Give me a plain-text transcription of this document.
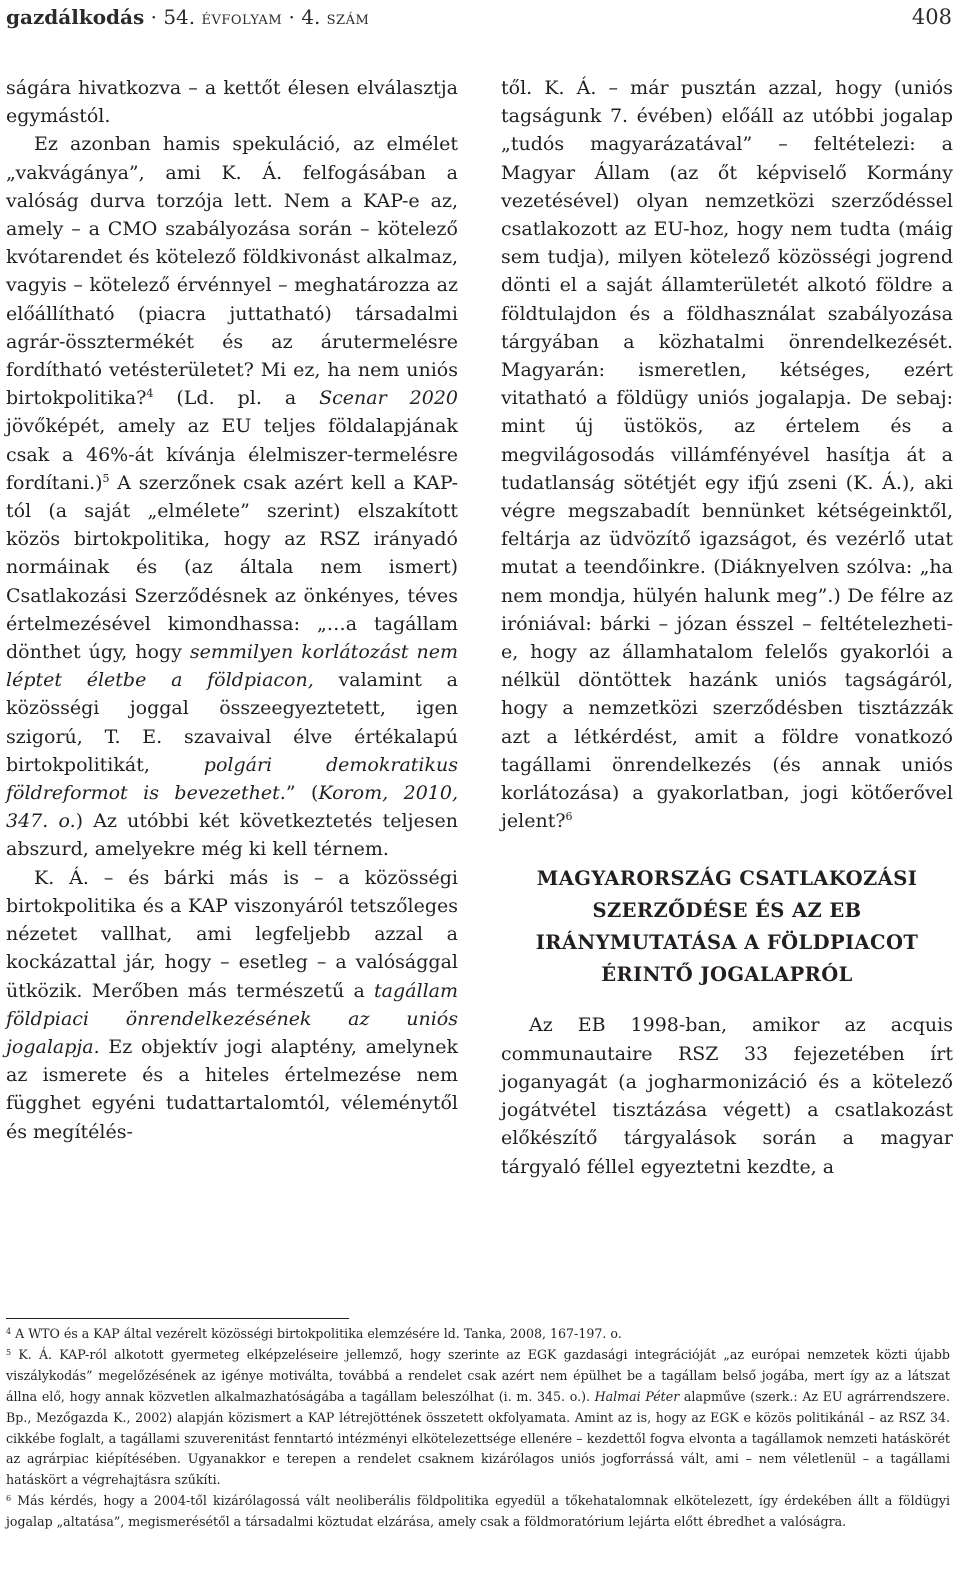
gazdálkodás · 54. ÉVFOLYAM · 4. SZÁM	408

ságára hivatkozva – a kettőt élesen elválasztja egymástól.

Ez azonban hamis spekuláció, az elmélet „vakvágánya”, ami K. Á. felfogásában a valóság durva torzója lett. Nem a KAP-e az, amely – a CMO szabályozása során – kötelező kvótarendet és kötelező földkivonást alkalmaz, vagyis – kötelező érvénnyel – meghatározza az előállítható (piacra juttatható) társadalmi agrár-össztermékét és az árutermelésre fordítható vetésterületet? Mi ez, ha nem uniós birtokpolitika?$^4$ (Ld. pl. a Scenar 2020 jövőképét, amely az EU teljes földalapjának csak a 46%-át kívánja élelmiszer-termelésre fordítani.)$^5$ A szerzőnek csak azért kell a KAP-tól (a saját „elmélete” szerint) elszakított közös birtokpolitika, hogy az RSZ irányadó normáinak és (az általa nem ismert) Csatlakozási Szerződésnek az önkényes, téves értelmezésével kimondhassa: „…a tagállam dönthet úgy, hogy semmilyen korlátozást nem léptet életbe a földpiacon, valamint a közösségi joggal összeegyeztetett, igen szigorú, T. E. szavaival élve értékalapú birtokpolitikát, polgári demokratikus földreformot is bevezethet.” (Korom, 2010, 347. o.) Az utóbbi két következtetés teljesen abszurd, amelyekre még ki kell térnem.

K. Á. – és bárki más is – a közösségi birtokpolitika és a KAP viszonyáról tetszőleges nézetet vallhat, ami legfeljebb azzal a kockázattal jár, hogy – esetleg – a valósággal ütközik. Merőben más természetű a tagállam földpiaci önrendelkezésének az uniós jogalapja. Ez objektív jogi alaptény, amelynek az ismerete és a hiteles értelmezése nem függhet egyéni tudattartalomtól, véleménytől és megítélés-

től. K. Á. – már pusztán azzal, hogy (uniós tagságunk 7. évében) előáll az utóbbi jogalap „tudós magyarázatával” – feltételezi: a Magyar Állam (az őt képviselő Kormány vezetésével) olyan nemzetközi szerződéssel csatlakozott az EU-hoz, hogy nem tudta (máig sem tudja), milyen kötelező közösségi jogrend dönti el a saját államterületét alkotó földre a földtulajdon és a földhasználat szabályozása tárgyában a közhatalmi önrendelkezését. Magyarán: ismeretlen, kétséges, ezért vitatható a földügy uniós jogalapja. De sebaj: mint új üstökös, az értelem és a megvilágosodás villámfényével hasítja át a tudatlanság sötétjét egy ifjú zseni (K. Á.), aki végre megszabadít bennünket kétségeinktől, feltárja az üdvözítő igazságot, és vezérlő utat mutat a teendőinkre. (Diáknyelven szólva: „ha nem mondja, hülyén halunk meg”.) De félre az iróniával: bárki – józan ésszel – feltételezheti-e, hogy az államhatalom felelős gyakorlói a nélkül döntöttek hazánk uniós tagságáról, hogy a nemzetközi szerződésben tisztázzák azt a létkérdést, amit a földre vonatkozó tagállami önrendelkezés (és annak uniós korlátozása) a gyakorlatban, jogi kötőerővel jelent?$^6$

MAGYARORSZÁG CSATLAKOZÁSI SZERZŐDÉSE ÉS AZ EB IRÁNYMUTATÁSA A FÖLDPIACOT ÉRINTŐ JOGALAPRÓL

Az EB 1998-ban, amikor az acquis communautaire RSZ 33 fejezetében írt joganyagát (a jogharmonizáció és a kötelező jogátvétel tisztázása végett) a csatlakozást előkészítő tárgyalások során a magyar tárgyaló féllel egyeztetni kezdte, a

$^4$ A WTO és a KAP által vezérelt közösségi birtokpolitika elemzésére ld. Tanka, 2008, 167-197. o.

$^5$ K. Á. KAP-ról alkotott gyermeteg elképzeléseire jellemző, hogy szerinte az EGK gazdasági integrációját „az európai nemzetek közti újabb viszálykodás” megelőzésének az igénye motiválta, továbbá a rendelet csak azért nem épülhet be a tagállam belső jogába, mert így az a látszat állna elő, hogy annak közvetlen alkalmazhatóságába a tagállam beleszólhat (i. m. 345. o.). Halmai Péter alapműve (szerk.: Az EU agrárrendszere. Bp., Mezőgazda K., 2002) alapján közismert a KAP létrejöttének összetett okfolyamata. Amint az is, hogy az EGK e közös politikánál – az RSZ 34. cikkébe foglalt, a tagállami szuverenitást fenntartó intézményi elkötelezettsége ellenére – kezdettől fogva elvonta a tagállamok nemzeti hatáskörét az agrárpiac kiépítésében. Ugyanakkor e terepen a rendelet csaknem kizárólagos uniós jogforrássá vált, ami – nem véletlenül – a tagállami hatáskört a végrehajtásra szűkíti.

$^6$ Más kérdés, hogy a 2004-től kizárólagossá vált neoliberális földpolitika egyedül a tőkehatalomnak elkötelezett, így érdekében állt a földügyi jogalap „altatása”, megismerésétől a társadalmi köztudat elzárása, amely csak a földmoratórium lejárta előtt ébredhet a valóságra.
